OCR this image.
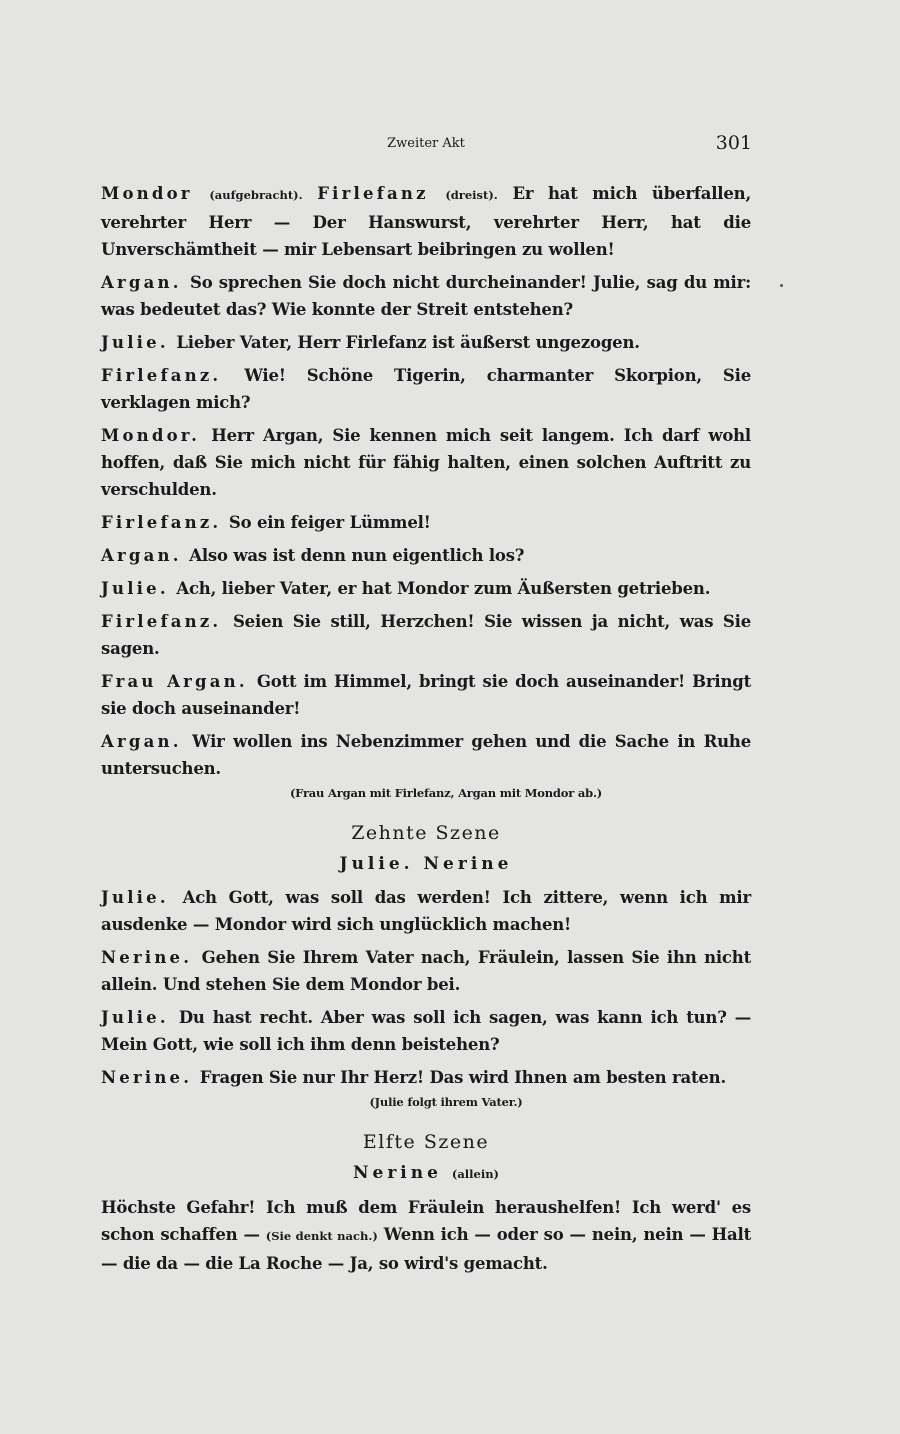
Zweiter Akt	301

Mondor (aufgebracht). Firlefanz (dreist). Er hat mich überfallen, verehrter Herr — Der Hanswurst, verehrter Herr, hat die Unverschämtheit — mir Lebensart beibringen zu wollen!

Argan. So sprechen Sie doch nicht durcheinander! Julie, sag du mir: was bedeutet das? Wie konnte der Streit entstehen?

Julie. Lieber Vater, Herr Firlefanz ist äußerst ungezogen.

Firlefanz. Wie! Schöne Tigerin, charmanter Skorpion, Sie verklagen mich?

Mondor. Herr Argan, Sie kennen mich seit langem. Ich darf wohl hoffen, daß Sie mich nicht für fähig halten, einen solchen Auftritt zu verschulden.

Firlefanz. So ein feiger Lümmel!

Argan. Also was ist denn nun eigentlich los?

Julie. Ach, lieber Vater, er hat Mondor zum Äußersten getrieben.

Firlefanz. Seien Sie still, Herzchen! Sie wissen ja nicht, was Sie sagen.

Frau Argan. Gott im Himmel, bringt sie doch auseinander! Bringt sie doch auseinander!

Argan. Wir wollen ins Nebenzimmer gehen und die Sache in Ruhe untersuchen.

(Frau Argan mit Firlefanz, Argan mit Mondor ab.)
Zehnte Szene
Julie. Nerine

Julie. Ach Gott, was soll das werden! Ich zittere, wenn ich mir ausdenke — Mondor wird sich unglücklich machen!

Nerine. Gehen Sie Ihrem Vater nach, Fräulein, lassen Sie ihn nicht allein. Und stehen Sie dem Mondor bei.

Julie. Du hast recht. Aber was soll ich sagen, was kann ich tun? — Mein Gott, wie soll ich ihm denn beistehen?

Nerine. Fragen Sie nur Ihr Herz! Das wird Ihnen am besten raten.

(Julie folgt ihrem Vater.)
Elfte Szene
Nerine (allein)

Höchste Gefahr! Ich muß dem Fräulein heraushelfen! Ich werd' es schon schaffen — (Sie denkt nach.) Wenn ich — oder so — nein, nein — Halt — die da — die La Roche — Ja, so wird's gemacht.
